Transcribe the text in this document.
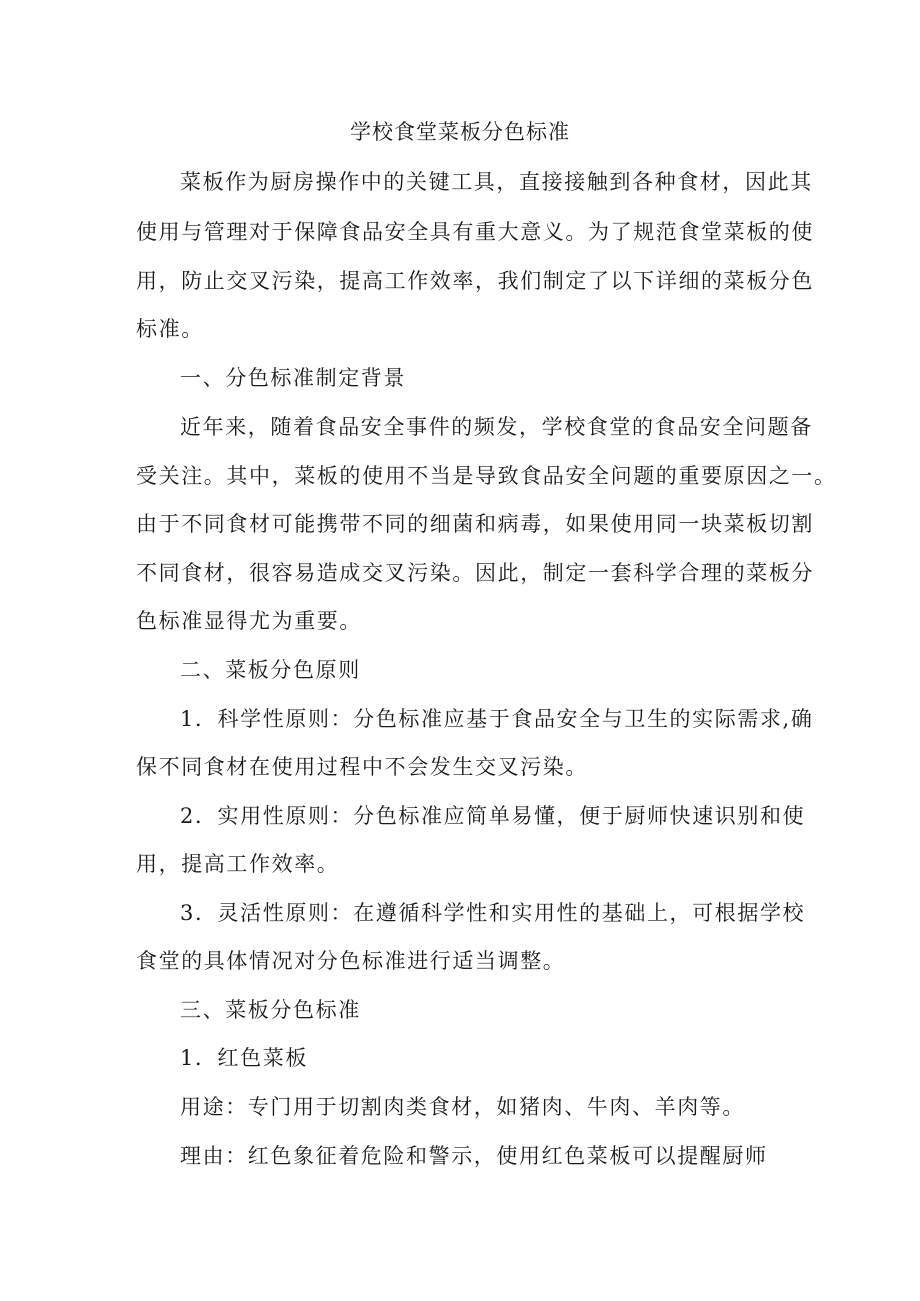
学校食堂菜板分色标准
菜板作为厨房操作中的关键工具，直接接触到各种食材，因此其
使用与管理对于保障食品安全具有重大意义。为了规范食堂菜板的使
用，防止交叉污染，提高工作效率，我们制定了以下详细的菜板分色
标准。
一、分色标准制定背景
近年来，随着食品安全事件的频发，学校食堂的食品安全问题备
受关注。其中，菜板的使用不当是导致食品安全问题的重要原因之一。
由于不同食材可能携带不同的细菌和病毒，如果使用同一块菜板切割
不同食材，很容易造成交叉污染。因此，制定一套科学合理的菜板分
色标准显得尤为重要。
二、菜板分色原则
1．科学性原则：分色标准应基于食品安全与卫生的实际需求,确
保不同食材在使用过程中不会发生交叉污染。
2．实用性原则：分色标准应简单易懂，便于厨师快速识别和使
用，提高工作效率。
3．灵活性原则：在遵循科学性和实用性的基础上，可根据学校
食堂的具体情况对分色标准进行适当调整。
三、菜板分色标准
1．红色菜板
用途：专门用于切割肉类食材，如猪肉、牛肉、羊肉等。
理由：红色象征着危险和警示，使用红色菜板可以提醒厨师
